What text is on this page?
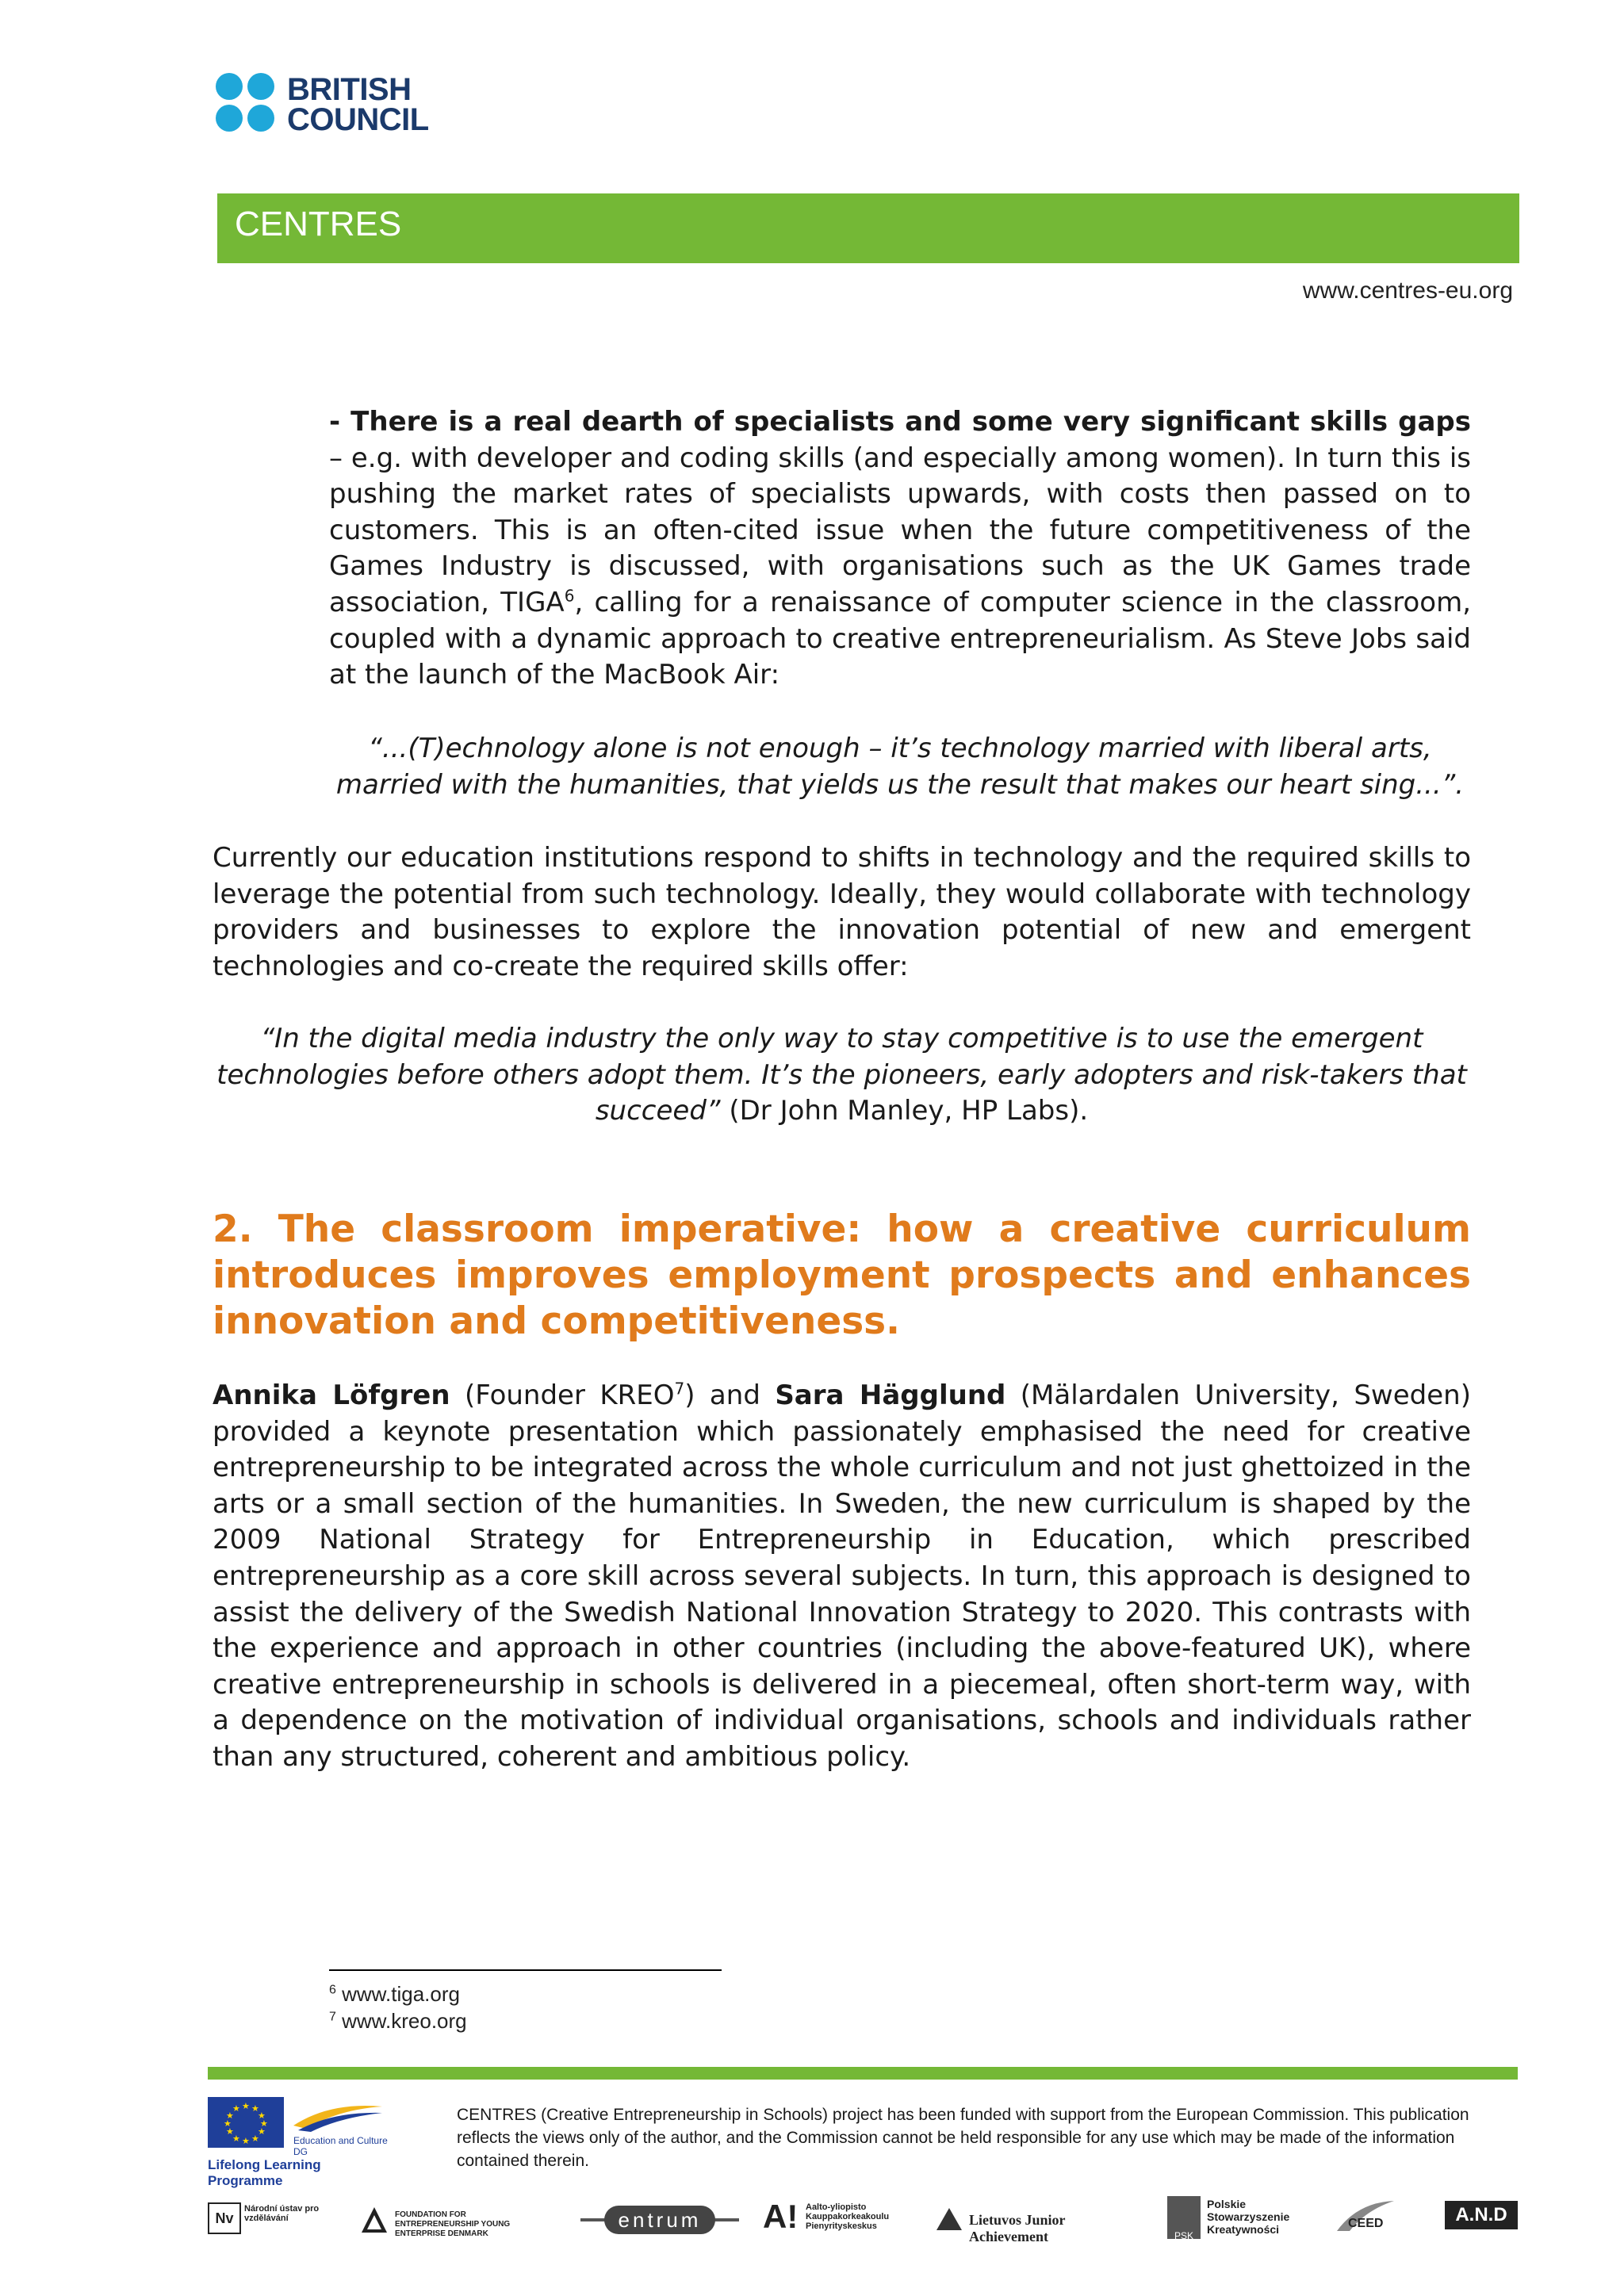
BRITISH
COUNCIL
CENTRES
www.centres-eu.org
- There is a real dearth of specialists and some very significant skills gaps – e.g. with developer and coding skills (and especially among women). In turn this is pushing the market rates of specialists upwards, with costs then passed on to customers. This is an often-cited issue when the future competitiveness of the Games Industry is discussed, with organisations such as the UK Games trade association, TIGA$^6$, calling for a renaissance of computer science in the classroom, coupled with a dynamic approach to creative entrepreneurialism. As Steve Jobs said at the launch of the MacBook Air:
“...(T)echnology alone is not enough – it’s technology married with liberal arts, married with the humanities, that yields us the result that makes our heart sing...”.
Currently our education institutions respond to shifts in technology and the required skills to leverage the potential from such technology. Ideally, they would collaborate with technology providers and businesses to explore the innovation potential of new and emergent technologies and co-create the required skills offer:
“In the digital media industry the only way to stay competitive is to use the emergent technologies before others adopt them. It’s the pioneers, early adopters and risk-takers that succeed” (Dr John Manley, HP Labs).
2. The classroom imperative: how a creative curriculum introduces improves employment prospects and enhances innovation and competitiveness.
Annika Löfgren (Founder KREO$^7$) and Sara Hägglund (Mälardalen University, Sweden) provided a keynote presentation which passionately emphasised the need for creative entrepreneurship to be integrated across the whole curriculum and not just ghettoized in the arts or a small section of the humanities. In Sweden, the new curriculum is shaped by the 2009 National Strategy for Entrepreneurship in Education, which prescribed entrepreneurship as a core skill across several subjects. In turn, this approach is designed to assist the delivery of the Swedish National Innovation Strategy to 2020. This contrasts with the experience and approach in other countries (including the above-featured UK), where creative entrepreneurship in schools is delivered in a piecemeal, often short-term way, with a dependence on the motivation of individual organisations, schools and individuals rather than any structured, coherent and ambitious policy.
$^6$ www.tiga.org
$^7$ www.kreo.org
★ ★
★
★
★
★
★
★
★
★
★
★
Education and Culture DG
Lifelong Learning Programme
CENTRES (Creative Entrepreneurship in Schools) project has been funded with support from the European Commission. This publication reflects the views only of the author, and the Commission cannot be held responsible for any use which may be made of the information contained therein.
Nv
Národní ústav pro vzdělávání	FOUNDATION FOR ENTREPRENEURSHIP YOUNG ENTERPRISE DENMARK
entrum	A! Aalto-yliopisto Kauppakorkeakoulu Pienyrityskeskus	Lietuvos Junior Achievement	PSK
Polskie Stowarzyszenie Kreatywności	CEED	A.N.D
